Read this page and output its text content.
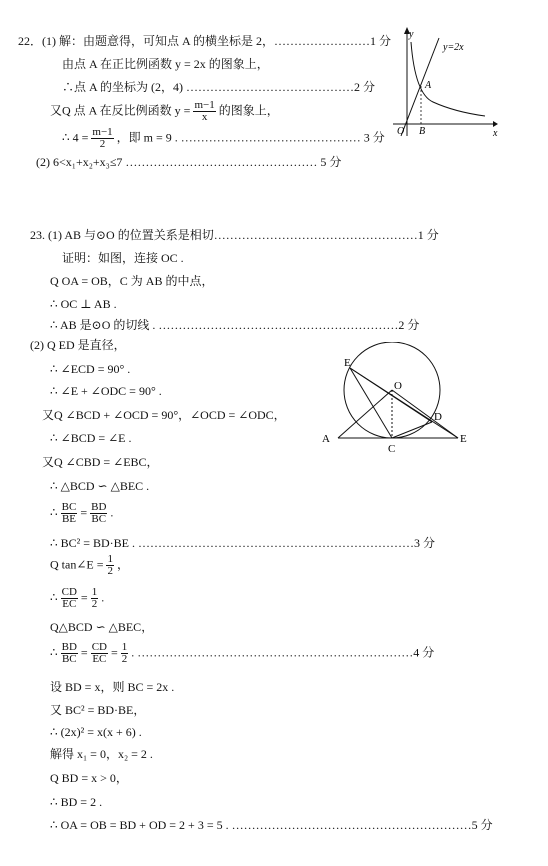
22．(1) 解：由题意得，可知点 A 的横坐标是 2，……………………1 分
由点 A 在正比例函数 y = 2x 的图象上，
∴点 A 的坐标为 (2，4) ……………………………………2 分
又Q 点 A 在反比例函数 $y = \frac{m-1}{x}$ 的图象上，
∴ $4 = \frac{m-1}{2}$ ，即 m = 9 . ……………………………………… 3 分
(2) 6<x₁+x₂+x₃≤7 ………………………………………… 5 分
y
x
O
A
B
y=2x
23. (1) AB 与⊙O 的位置关系是相切……………………………………………1 分
证明：如图，连接 OC .
Q OA = OB，C 为 AB 的中点，
∴ OC ⊥ AB .
∴ AB 是⊙O 的切线 . ……………………………………………………2 分
(2) Q ED 是直径，
∴ ∠ECD = 90° .
∴ ∠E + ∠ODC = 90° .
又Q ∠BCD + ∠OCD = 90°，∠OCD = ∠ODC，
∴ ∠BCD = ∠E .
又Q ∠CBD = ∠EBC，
∴ △BCD ∽ △BEC .
∴ $\frac{BC}{BE} = \frac{BD}{BC}$ .
∴ BC² = BD·BE . ……………………………………………………………3 分
Q tan∠E = $\frac{1}{2}$ ，
∴ $\frac{CD}{EC} = \frac{1}{2}$ .
Q△BCD ∽ △BEC，
∴ $\frac{BD}{BC} = \frac{CD}{EC} = \frac{1}{2}$ . ……………………………………………………………4 分
设 BD = x，则 BC = 2x .
又 BC² = BD·BE，
∴ (2x)² = x(x + 6) .
解得 x₁ = 0，x₂ = 2 .
Q BD = x > 0，
∴ BD = 2 .
∴ OA = OB = BD + OD = 2 + 3 = 5 . ……………………………………………………5 分
E
O
D
A
C
E
